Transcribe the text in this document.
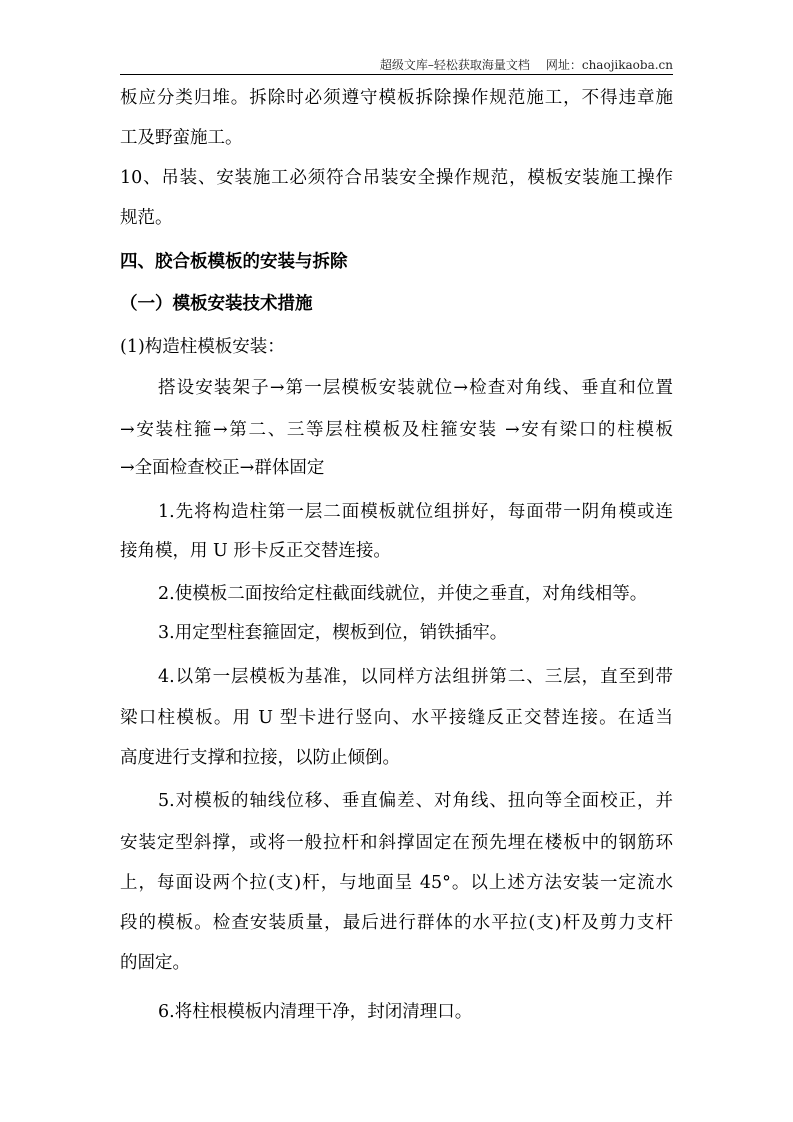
超级文库–轻松获取海量文档 网址：chaojikaoba.cn
板应分类归堆。拆除时必须遵守模板拆除操作规范施工，不得违章施
工及野蛮施工。
10、吊装、安装施工必须符合吊装安全操作规范，模板安装施工操作
规范。
四、胶合板模板的安装与拆除
（一）模板安装技术措施
(1)构造柱模板安装：
搭设安装架子→第一层模板安装就位→检查对角线、垂直和位置
→安装柱箍→第二、三等层柱模板及柱箍安装 →安有梁口的柱模板
→全面检查校正→群体固定
1.先将构造柱第一层二面模板就位组拼好，每面带一阴角模或连
接角模，用 U 形卡反正交替连接。
2.使模板二面按给定柱截面线就位，并使之垂直，对角线相等。
3.用定型柱套箍固定，楔板到位，销铁插牢。
4.以第一层模板为基准，以同样方法组拼第二、三层，直至到带
梁口柱模板。用 U 型卡进行竖向、水平接缝反正交替连接。在适当
高度进行支撑和拉接，以防止倾倒。
5.对模板的轴线位移、垂直偏差、对角线、扭向等全面校正，并
安装定型斜撑，或将一般拉杆和斜撑固定在预先埋在楼板中的钢筋环
上，每面设两个拉(支)杆，与地面呈 45°。以上述方法安装一定流水
段的模板。检查安装质量，最后进行群体的水平拉(支)杆及剪力支杆
的固定。
6.将柱根模板内清理干净，封闭清理口。
